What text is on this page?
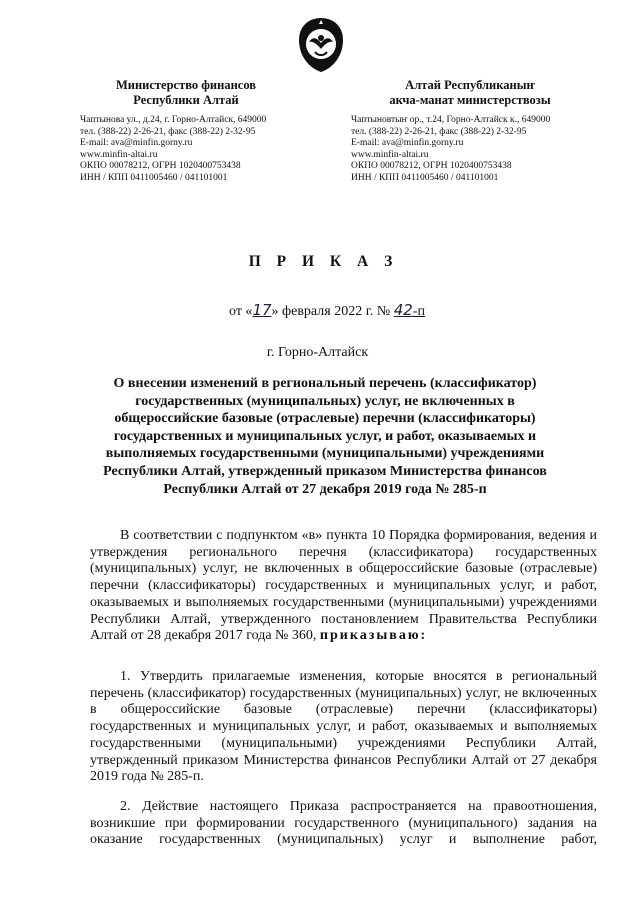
Министерство финансов
Республики Алтай
Алтай Республиканыҥ
акча-манат министерствозы
Чаптынова ул., д.24, г. Горно-Алтайск, 649000
тел. (388-22) 2-26-21, факс (388-22) 2-32-95
E-mail: ava@minfin.gorny.ru
www.minfin-altai.ru
ОКПО 00078212, ОГРН 1020400753438
ИНН / КПП 0411005460 / 041101001
Чаптыновтыҥ ор., т.24, Горно-Алтайск к., 649000
тел. (388-22) 2-26-21, факс (388-22) 2-32-95
E-mail: ava@minfin.gorny.ru
www.minfin-altai.ru
ОКПО 00078212, ОГРН 1020400753438
ИНН / КПП 0411005460 / 041101001
П Р И К А З
от «17» февраля 2022 г. № 42-п
г. Горно-Алтайск
О внесении изменений в региональный перечень (классификатор) государственных (муниципальных) услуг, не включенных в общероссийские базовые (отраслевые) перечни (классификаторы) государственных и муниципальных услуг, и работ, оказываемых и выполняемых государственными (муниципальными) учреждениями Республики Алтай, утвержденный приказом Министерства финансов Республики Алтай от 27 декабря 2019 года № 285-п

В соответствии с подпунктом «в» пункта 10 Порядка формирования, ведения и утверждения регионального перечня (классификатора) государственных (муниципальных) услуг, не включенных в общероссийские базовые (отраслевые) перечни (классификаторы) государственных и муниципальных услуг, и работ, оказываемых и выполняемых государственными (муниципальными) учреждениями Республики Алтай, утвержденного постановлением Правительства Республики Алтай от 28 декабря 2017 года № 360, приказываю:

1. Утвердить прилагаемые изменения, которые вносятся в региональный перечень (классификатор) государственных (муниципальных) услуг, не включенных в общероссийские базовые (отраслевые) перечни (классификаторы) государственных и муниципальных услуг, и работ, оказываемых и выполняемых государственными (муниципальными) учреждениями Республики Алтай, утвержденный приказом Министерства финансов Республики Алтай от 27 декабря 2019 года № 285-п.

2. Действие настоящего Приказа распространяется на правоотношения, возникшие при формировании государственного (муниципального) задания на оказание государственных (муниципальных) услуг и выполнение работ,
